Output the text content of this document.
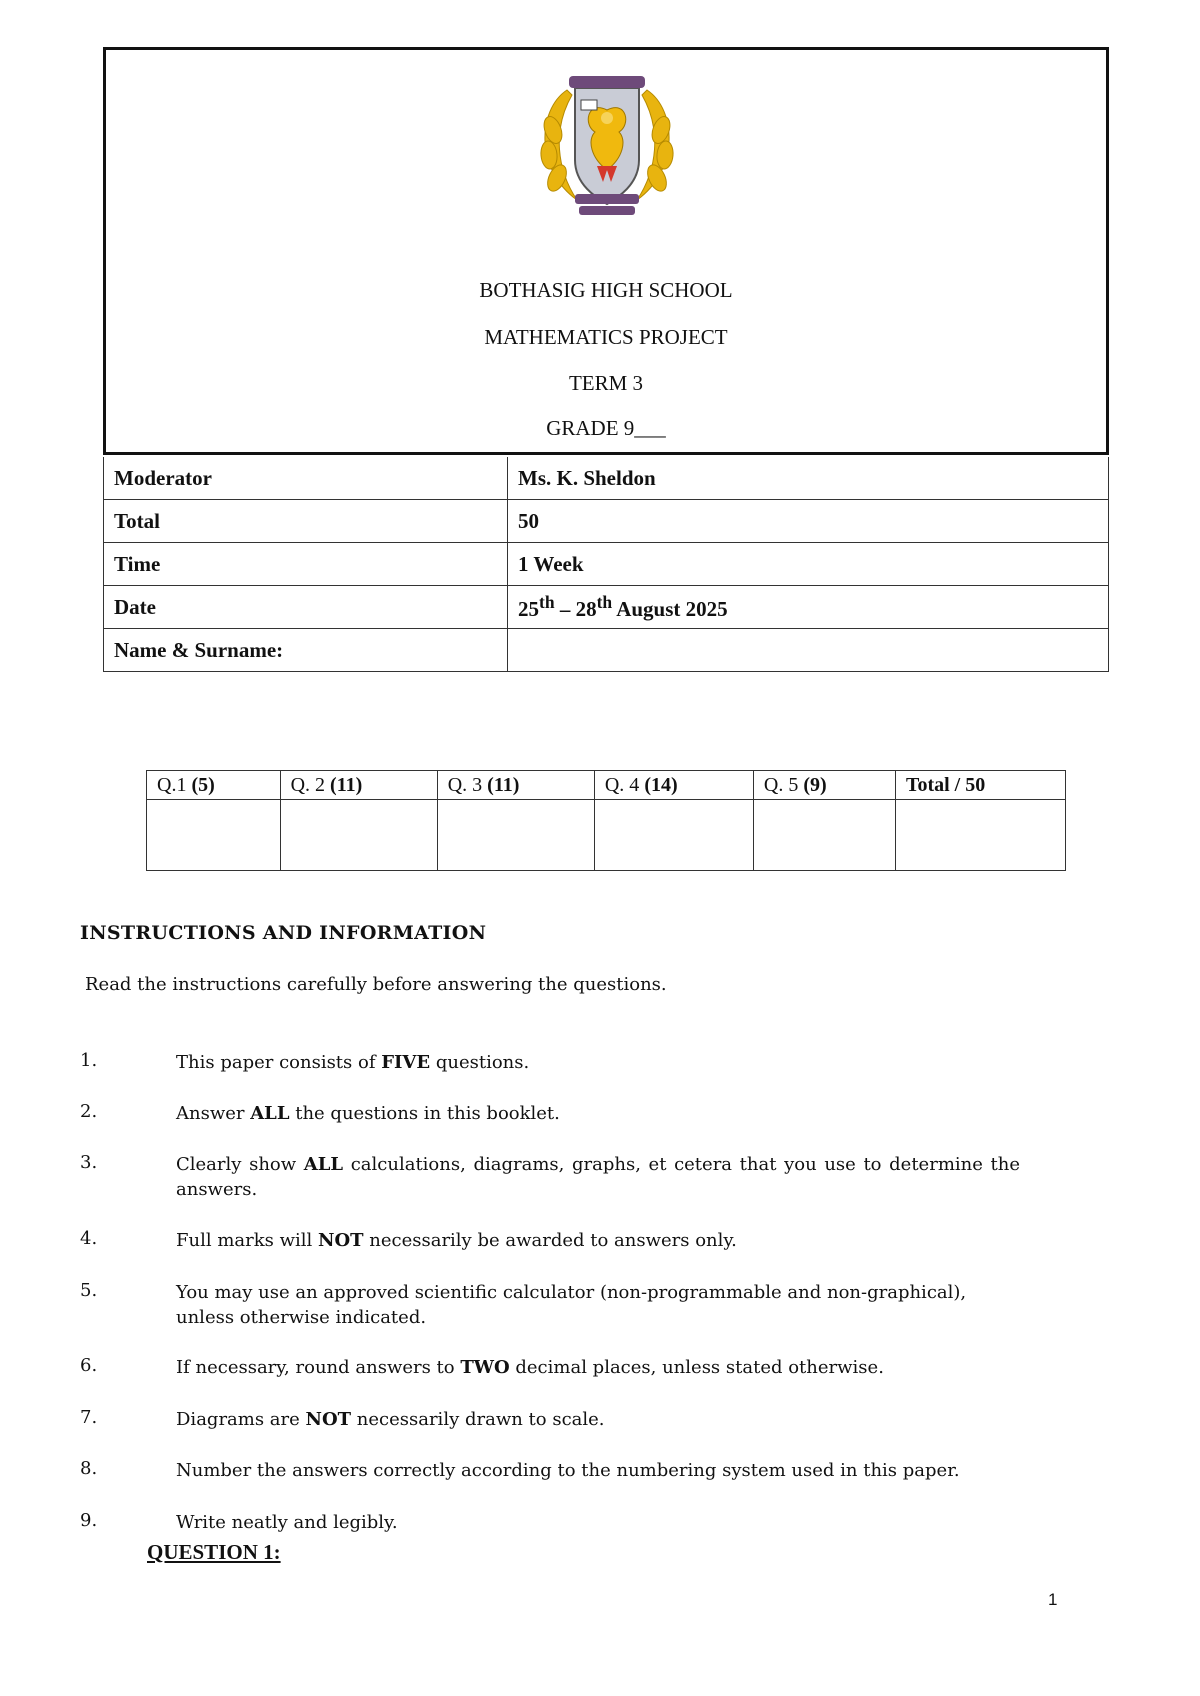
BOTHASIG HIGH SCHOOL
MATHEMATICS PROJECT
TERM 3
GRADE 9___
Moderator	Ms. K. Sheldon
Total	50
Time	1 Week
Date	25th – 28th August 2025
Name & Surname:	
Q.1 (5)	Q. 2 (11)	Q. 3 (11)	Q. 4 (14)	Q. 5 (9)	Total / 50

INSTRUCTIONS AND INFORMATION
Read the instructions carefully before answering the questions.
1.	This paper consists of FIVE questions.
2.	Answer ALL the questions in this booklet.
3.	Clearly show ALL calculations, diagrams, graphs, et cetera that you use to determine the answers.
4.	Full marks will NOT necessarily be awarded to answers only.
5.	You may use an approved scientific calculator (non-programmable and non-graphical), unless otherwise indicated.
6.	If necessary, round answers to TWO decimal places, unless stated otherwise.
7.	Diagrams are NOT necessarily drawn to scale.
8.	Number the answers correctly according to the numbering system used in this paper.
9.	Write neatly and legibly.
QUESTION 1:
1
